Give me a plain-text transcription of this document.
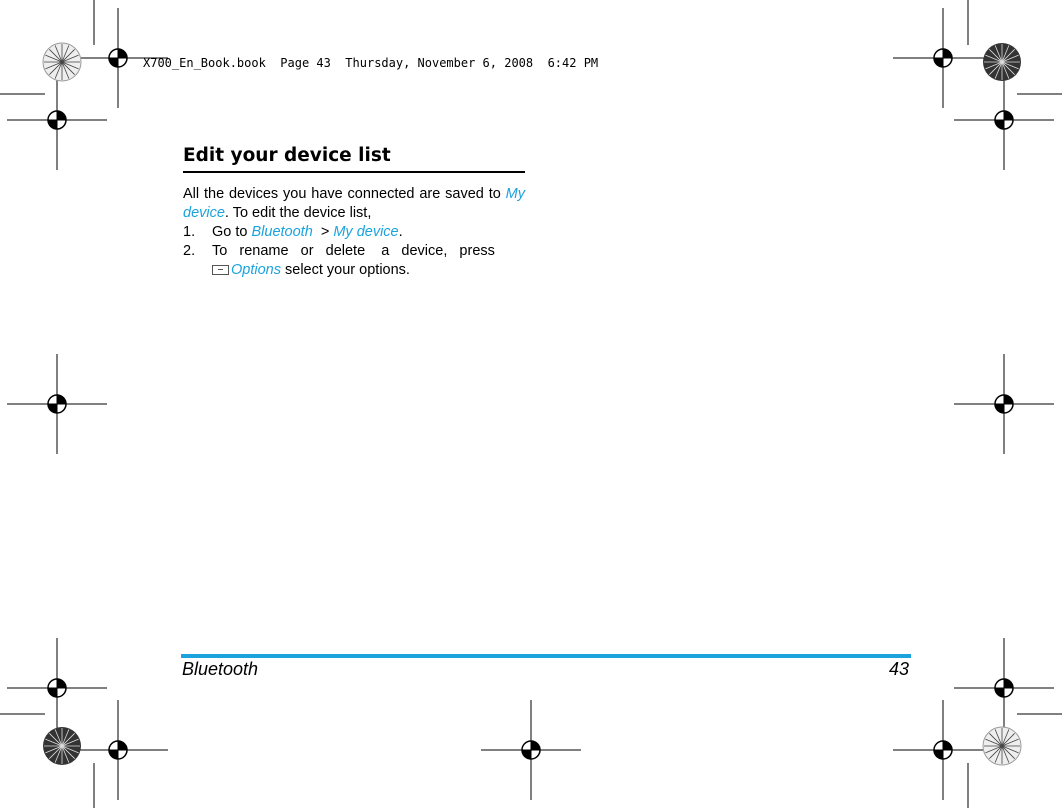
X700_En_Book.book  Page 43  Thursday, November 6, 2008  6:42 PM
Edit your device list
All the devices you have connected are saved to My device. To edit the device list,
1.	Go to Bluetooth  > My device.
2.	To   rename   or   delete    a   device,   press
Options select your options.
Bluetooth	43
